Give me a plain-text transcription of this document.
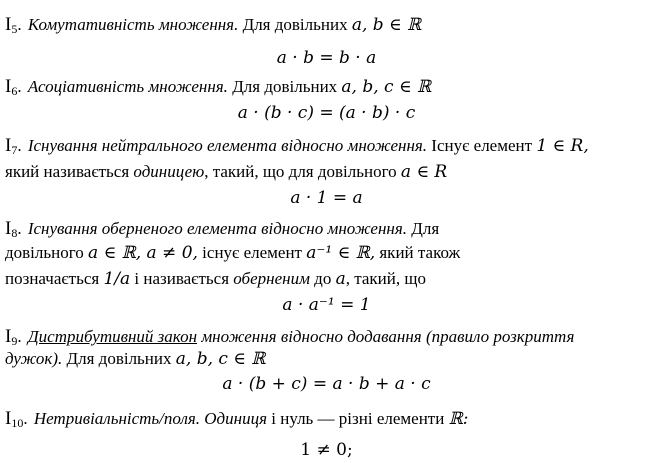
$I_5$. Комутативність множення. Для довільних a, b ∈ ℝ
a · b = b · a
$I_6$. Асоціативність множення. Для довільних a, b, c ∈ ℝ
a · (b · c) = (a · b) · c
$I_7$. Існування нейтрального елемента відносно множення. Існує елемент 1 ∈ R,
який називається одиницею, такий, що для довільного a ∈ R
a · 1 = a
$I_8$. Існування оберненого елемента відносно множення. Для
довільного a ∈ ℝ, a ≠ 0, існує елемент a⁻¹ ∈ ℝ, який також
позначається 1/a і називається оберненим до a, такий, що
a · a⁻¹ = 1
$I_9$. Дистрибутивний закон множення відносно додавання (правило розкриття
дужок). Для довільних a, b, c ∈ ℝ
a · (b + c) = a · b + a · c
$I_{10}$. Нетривіальність/поля. Одиниця і нуль — різні елементи ℝ:
1 ≠ 0;
